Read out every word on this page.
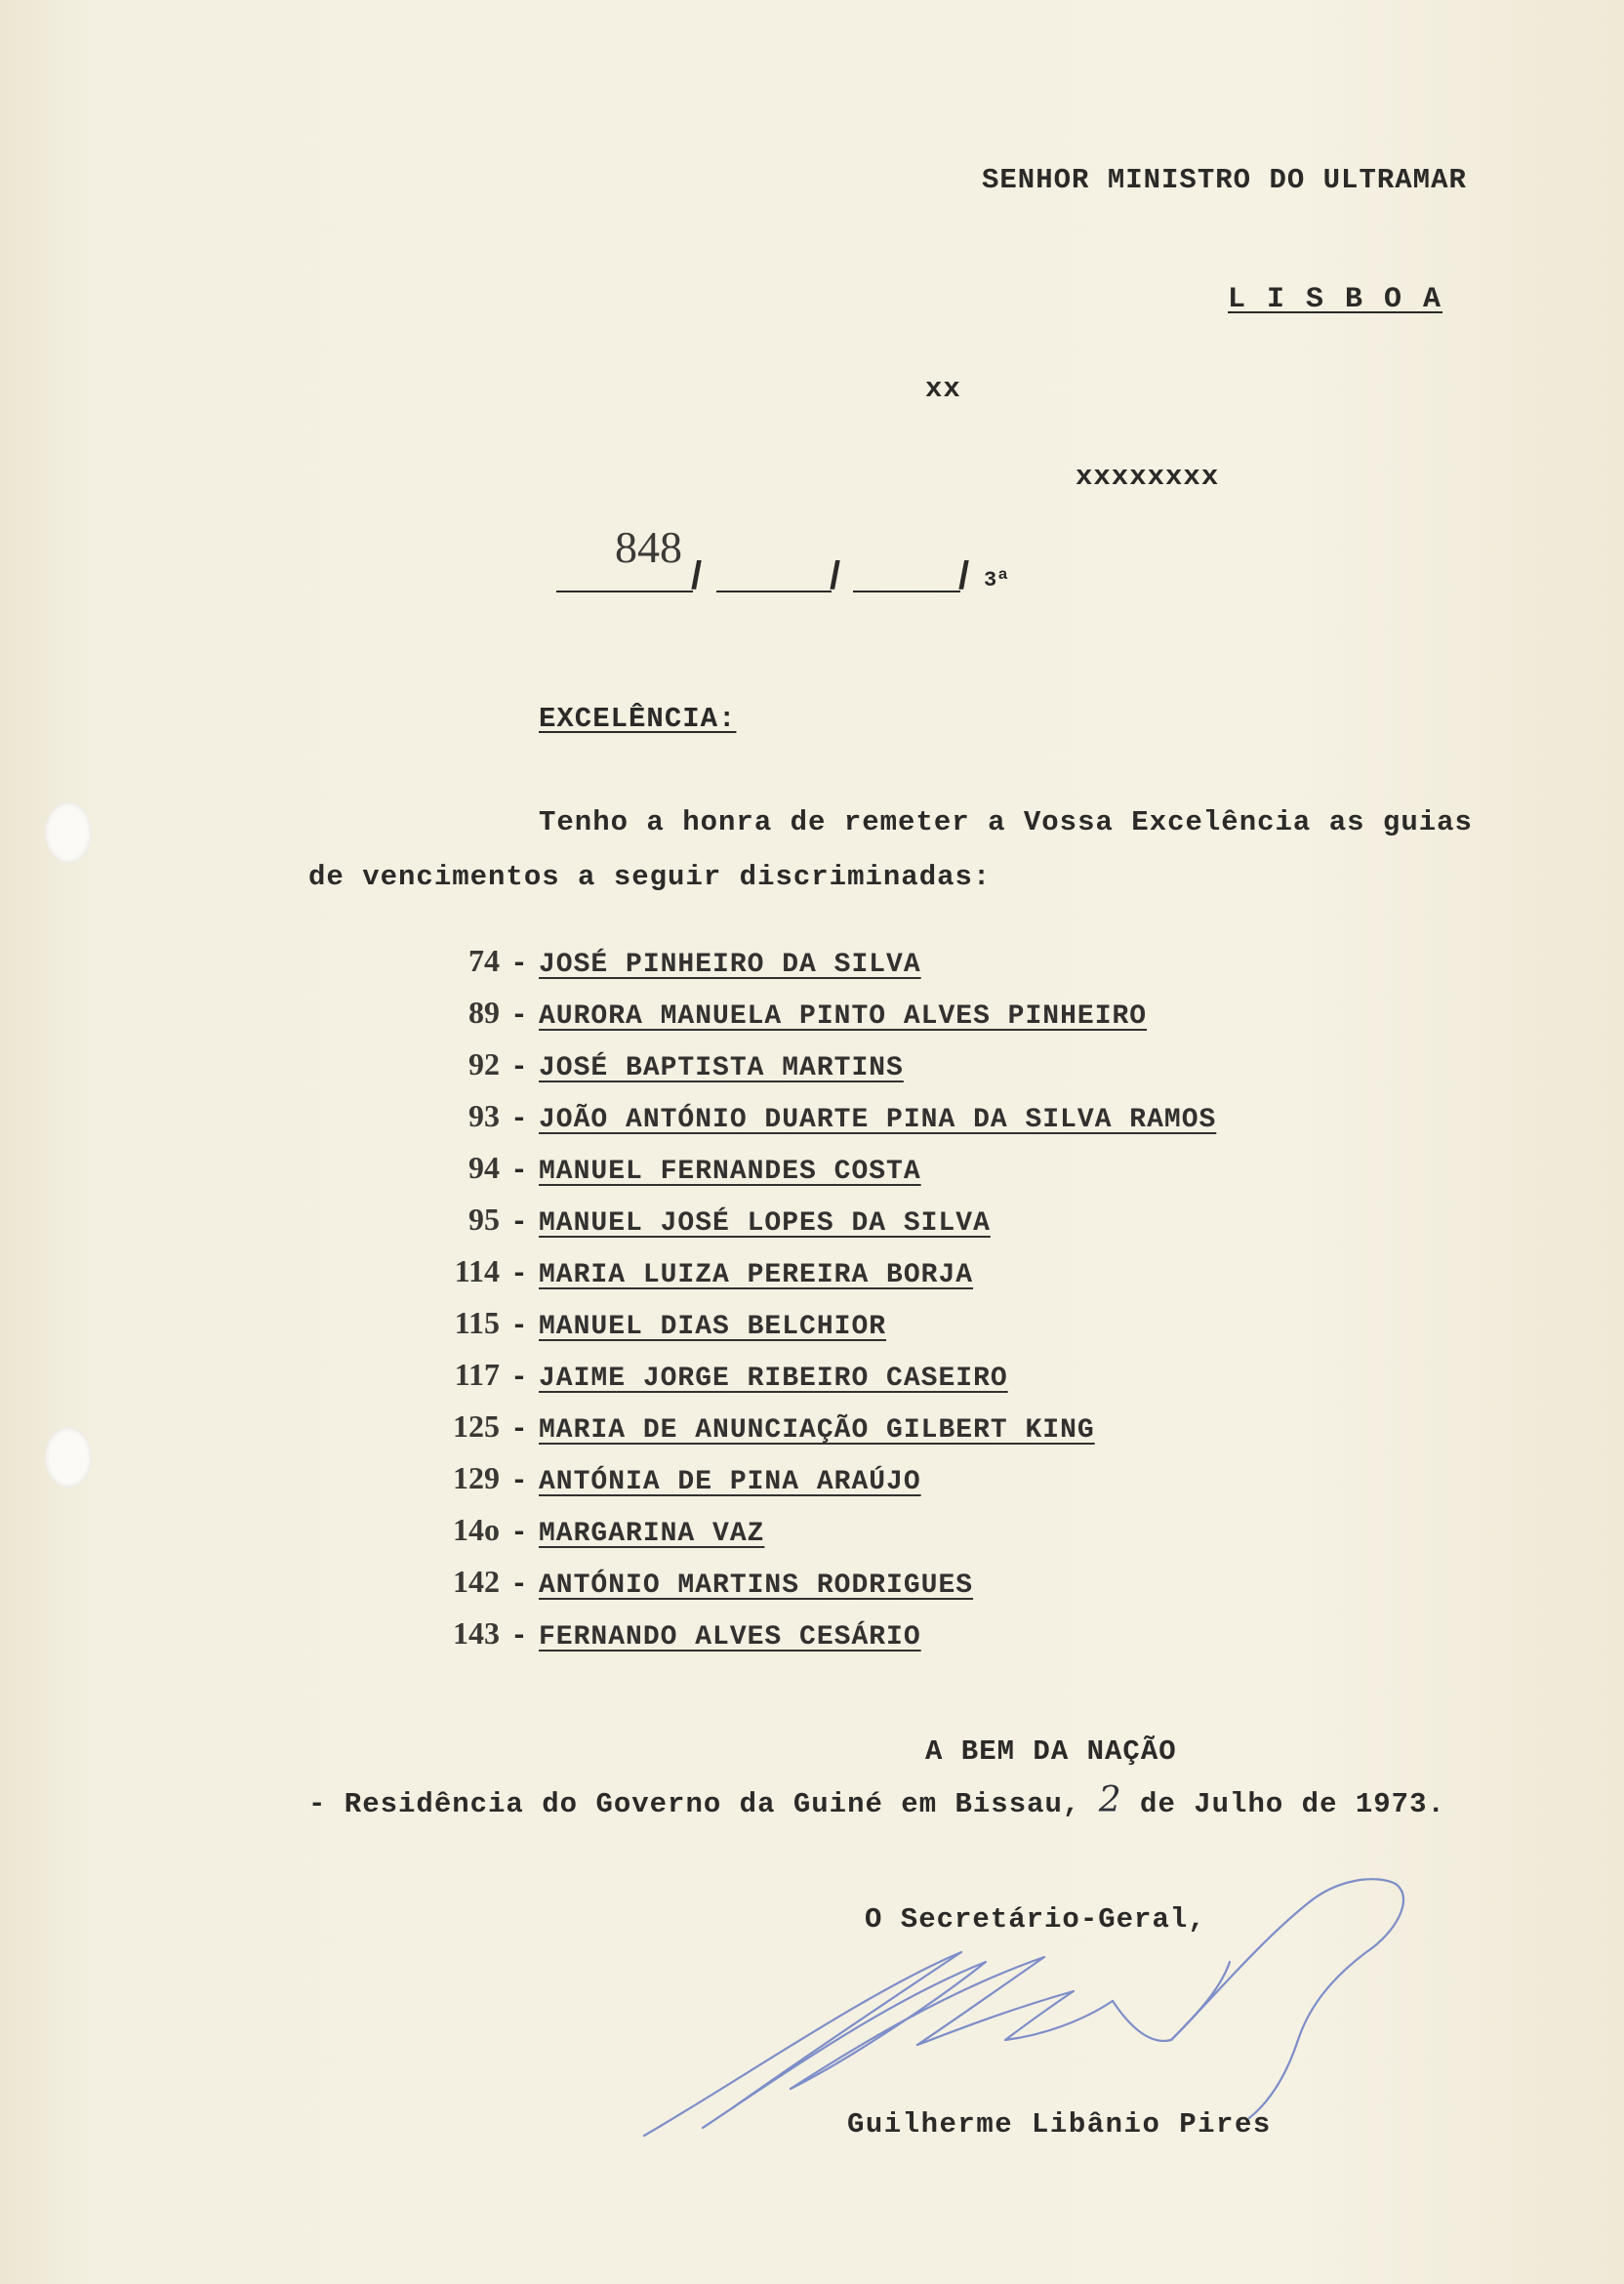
SENHOR MINISTRO DO ULTRAMAR
L I S B O A
xx
xxxxxxxx
848
/	/	/ 3ª
EXCELÊNCIA:
Tenho a honra de remeter a Vossa Excelência as guias
de vencimentos a seguir discriminadas:
74 - JOSÉ PINHEIRO DA SILVA
89 - AURORA MANUELA PINTO ALVES PINHEIRO
92 - JOSÉ BAPTISTA MARTINS
93 - JOÃO ANTÓNIO DUARTE PINA DA SILVA RAMOS
94 - MANUEL FERNANDES COSTA
95 - MANUEL JOSÉ LOPES DA SILVA
114 - MARIA LUIZA PEREIRA BORJA
115 - MANUEL DIAS BELCHIOR
117 - JAIME JORGE RIBEIRO CASEIRO
125 - MARIA DE ANUNCIAÇÃO GILBERT KING
129 - ANTÓNIA DE PINA ARAÚJO
14o - MARGARINA VAZ
142 - ANTÓNIO MARTINS RODRIGUES
143 - FERNANDO ALVES CESÁRIO
A BEM DA NAÇÃO
- Residência do Governo da Guiné em Bissau, 2 de Julho de 1973.
O Secretário-Geral,
Guilherme Libânio Pires
